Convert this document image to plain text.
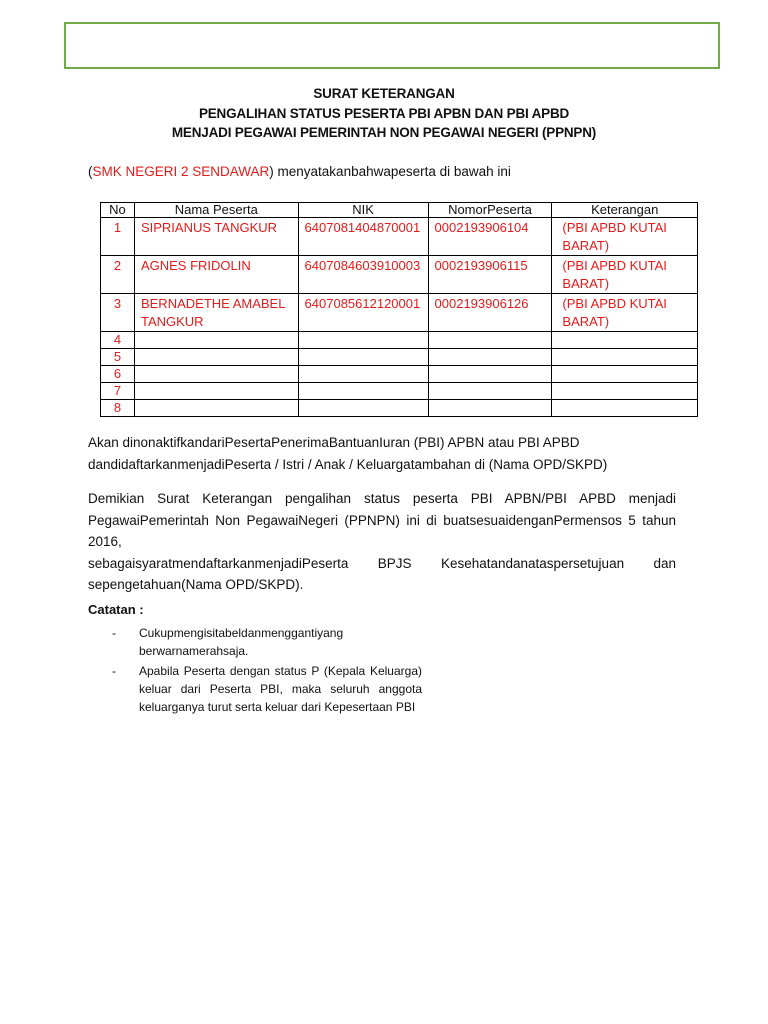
SURAT KETERANGAN
PENGALIHAN STATUS PESERTA PBI APBN DAN PBI APBD
MENJADI PEGAWAI PEMERINTAH NON PEGAWAI NEGERI (PPNPN)
(SMK NEGERI 2 SENDAWAR) menyatakanbahwapeserta di bawah ini
No	Nama Peserta	NIK	NomorPeserta	Keterangan
1	SIPRIANUS TANGKUR	6407081404870001	0002193906104	(PBI APBD KUTAI BARAT)
2	AGNES FRIDOLIN	6407084603910003	0002193906115	(PBI APBD KUTAI BARAT)
3	BERNADETHE AMABEL TANGKUR	6407085612120001	0002193906126	(PBI APBD KUTAI BARAT)
4				
5				
6				
7				
8				
Akan dinonaktifkandariPesertaPenerimaBantuanIuran (PBI) APBN atau PBI APBD
dandidaftarkanmenjadiPeserta / Istri / Anak / Keluargatambahan di (Nama OPD/SKPD)
Demikian Surat Keterangan pengalihan status peserta PBI APBN/PBI APBD menjadi
PegawaiPemerintah Non PegawaiNegeri (PPNPN) ini di buatsesuaidenganPermensos 5 tahun 2016,
sebagaisyaratmendaftarkanmenjadiPeserta BPJS Kesehatandanataspersetujuan dan
sepengetahuan(Nama OPD/SKPD).
Catatan :
- Cukupmengisitabeldanmenggantiyang berwarnamerahsaja.
- Apabila Peserta dengan status P (Kepala Keluarga) keluar dari Peserta PBI, maka seluruh anggota keluarganya turut serta keluar dari Kepesertaan PBI
